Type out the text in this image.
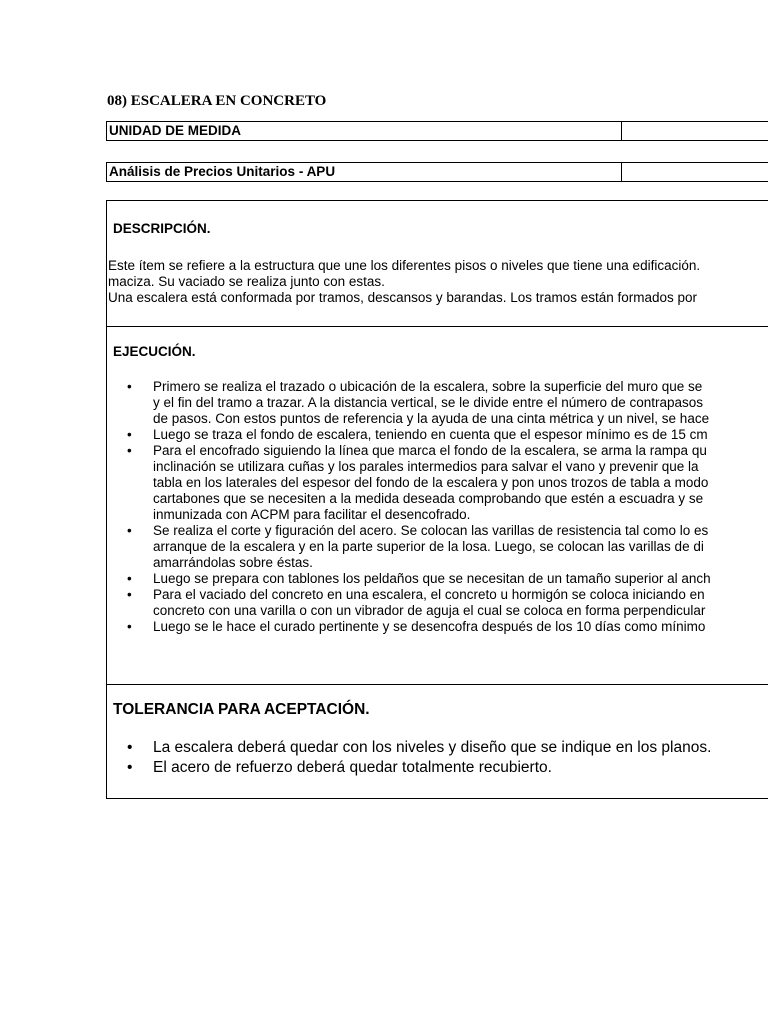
08) ESCALERA EN CONCRETO
UNIDAD DE MEDIDA
Análisis de Precios Unitarios - APU
DESCRIPCIÓN.
Este ítem se refiere a la estructura que une los diferentes pisos o niveles que tiene una edificación.
maciza. Su vaciado se realiza junto con estas.
Una escalera está conformada por tramos, descansos y barandas. Los tramos están formados por
EJECUCIÓN.
• Primero se realiza el trazado o ubicación de la escalera, sobre la superficie del muro que se
y el fin del tramo a trazar. A la distancia vertical, se le divide entre el número de contrapasos
de pasos. Con estos puntos de referencia y la ayuda de una cinta métrica y un nivel, se hace
• Luego se traza el fondo de escalera, teniendo en cuenta que el espesor mínimo es de 15 cm
• Para el encofrado siguiendo la línea que marca el fondo de la escalera, se arma la rampa qu
inclinación se utilizara cuñas y los parales intermedios para salvar el vano y prevenir que la
tabla en los laterales del espesor del fondo de la escalera y pon unos trozos de tabla a modo
cartabones que se necesiten a la medida deseada comprobando que estén a escuadra y se
inmunizada con ACPM para facilitar el desencofrado.
• Se realiza el corte y figuración del acero. Se colocan las varillas de resistencia tal como lo es
arranque de la escalera y en la parte superior de la losa. Luego, se colocan las varillas de di
amarrándolas sobre éstas.
• Luego se prepara con tablones los peldaños que se necesitan de un tamaño superior al anch
• Para el vaciado del concreto en una escalera, el concreto u hormigón se coloca iniciando en
concreto con una varilla o con un vibrador de aguja el cual se coloca en forma perpendicular
• Luego se le hace el curado pertinente y se desencofra después de los 10 días como mínimo
TOLERANCIA PARA ACEPTACIÓN.
• La escalera deberá quedar con los niveles y diseño que se indique en los planos.
• El acero de refuerzo deberá quedar totalmente recubierto.
